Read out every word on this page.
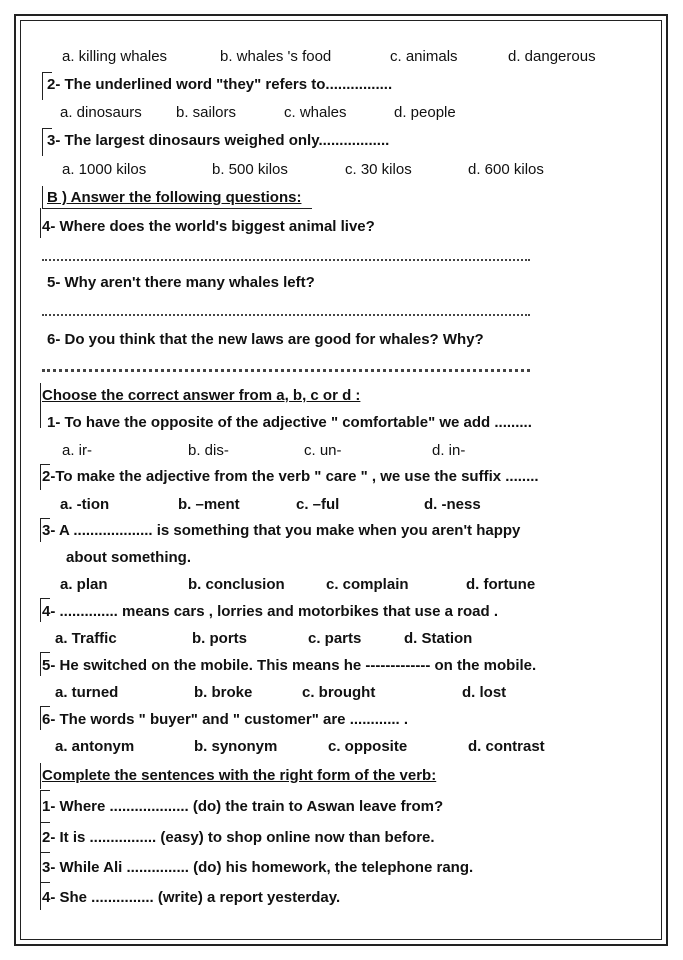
a. killing whales	b. whales 's food	c. animals	d. dangerous
2- The underlined word "they" refers to................
a. dinosaurs b. sailors	c. whales	d. people
3- The largest dinosaurs weighed only.................
a. 1000 kilos	b. 500 kilos	c. 30 kilos	d. 600 kilos
B ) Answer the following questions:
4- Where does the world's biggest animal live?
5- Why aren't there many whales left?
6- Do you think that the new laws are good for whales? Why?
Choose the correct answer from a, b, c or d :
1- To have the opposite of the adjective " comfortable" we add .........
a. ir-	b. dis-	c. un-	d. in-
2-To make the adjective from the verb " care " , we use the suffix ........
a. -tion	b. –ment	c. –ful	d. -ness
3- A ................... is something that you make when you aren't happy
about something.
a. plan	b. conclusion	c. complain	d. fortune
4- .............. means cars , lorries and motorbikes that use a road .
a. Traffic	b. ports	c. parts	d. Station
5- He switched on the mobile. This means he ------------- on the mobile.
a. turned	b. broke	c. brought	d. lost
6- The words " buyer" and " customer" are ............ .
a. antonym	b. synonym	c. opposite	d. contrast
Complete the sentences with the right form of the verb:
1- Where ................... (do) the train to Aswan leave from?
2- It is ................ (easy) to shop online now than before.
3- While Ali ............... (do) his homework, the telephone rang.
4- She ............... (write) a report yesterday.
